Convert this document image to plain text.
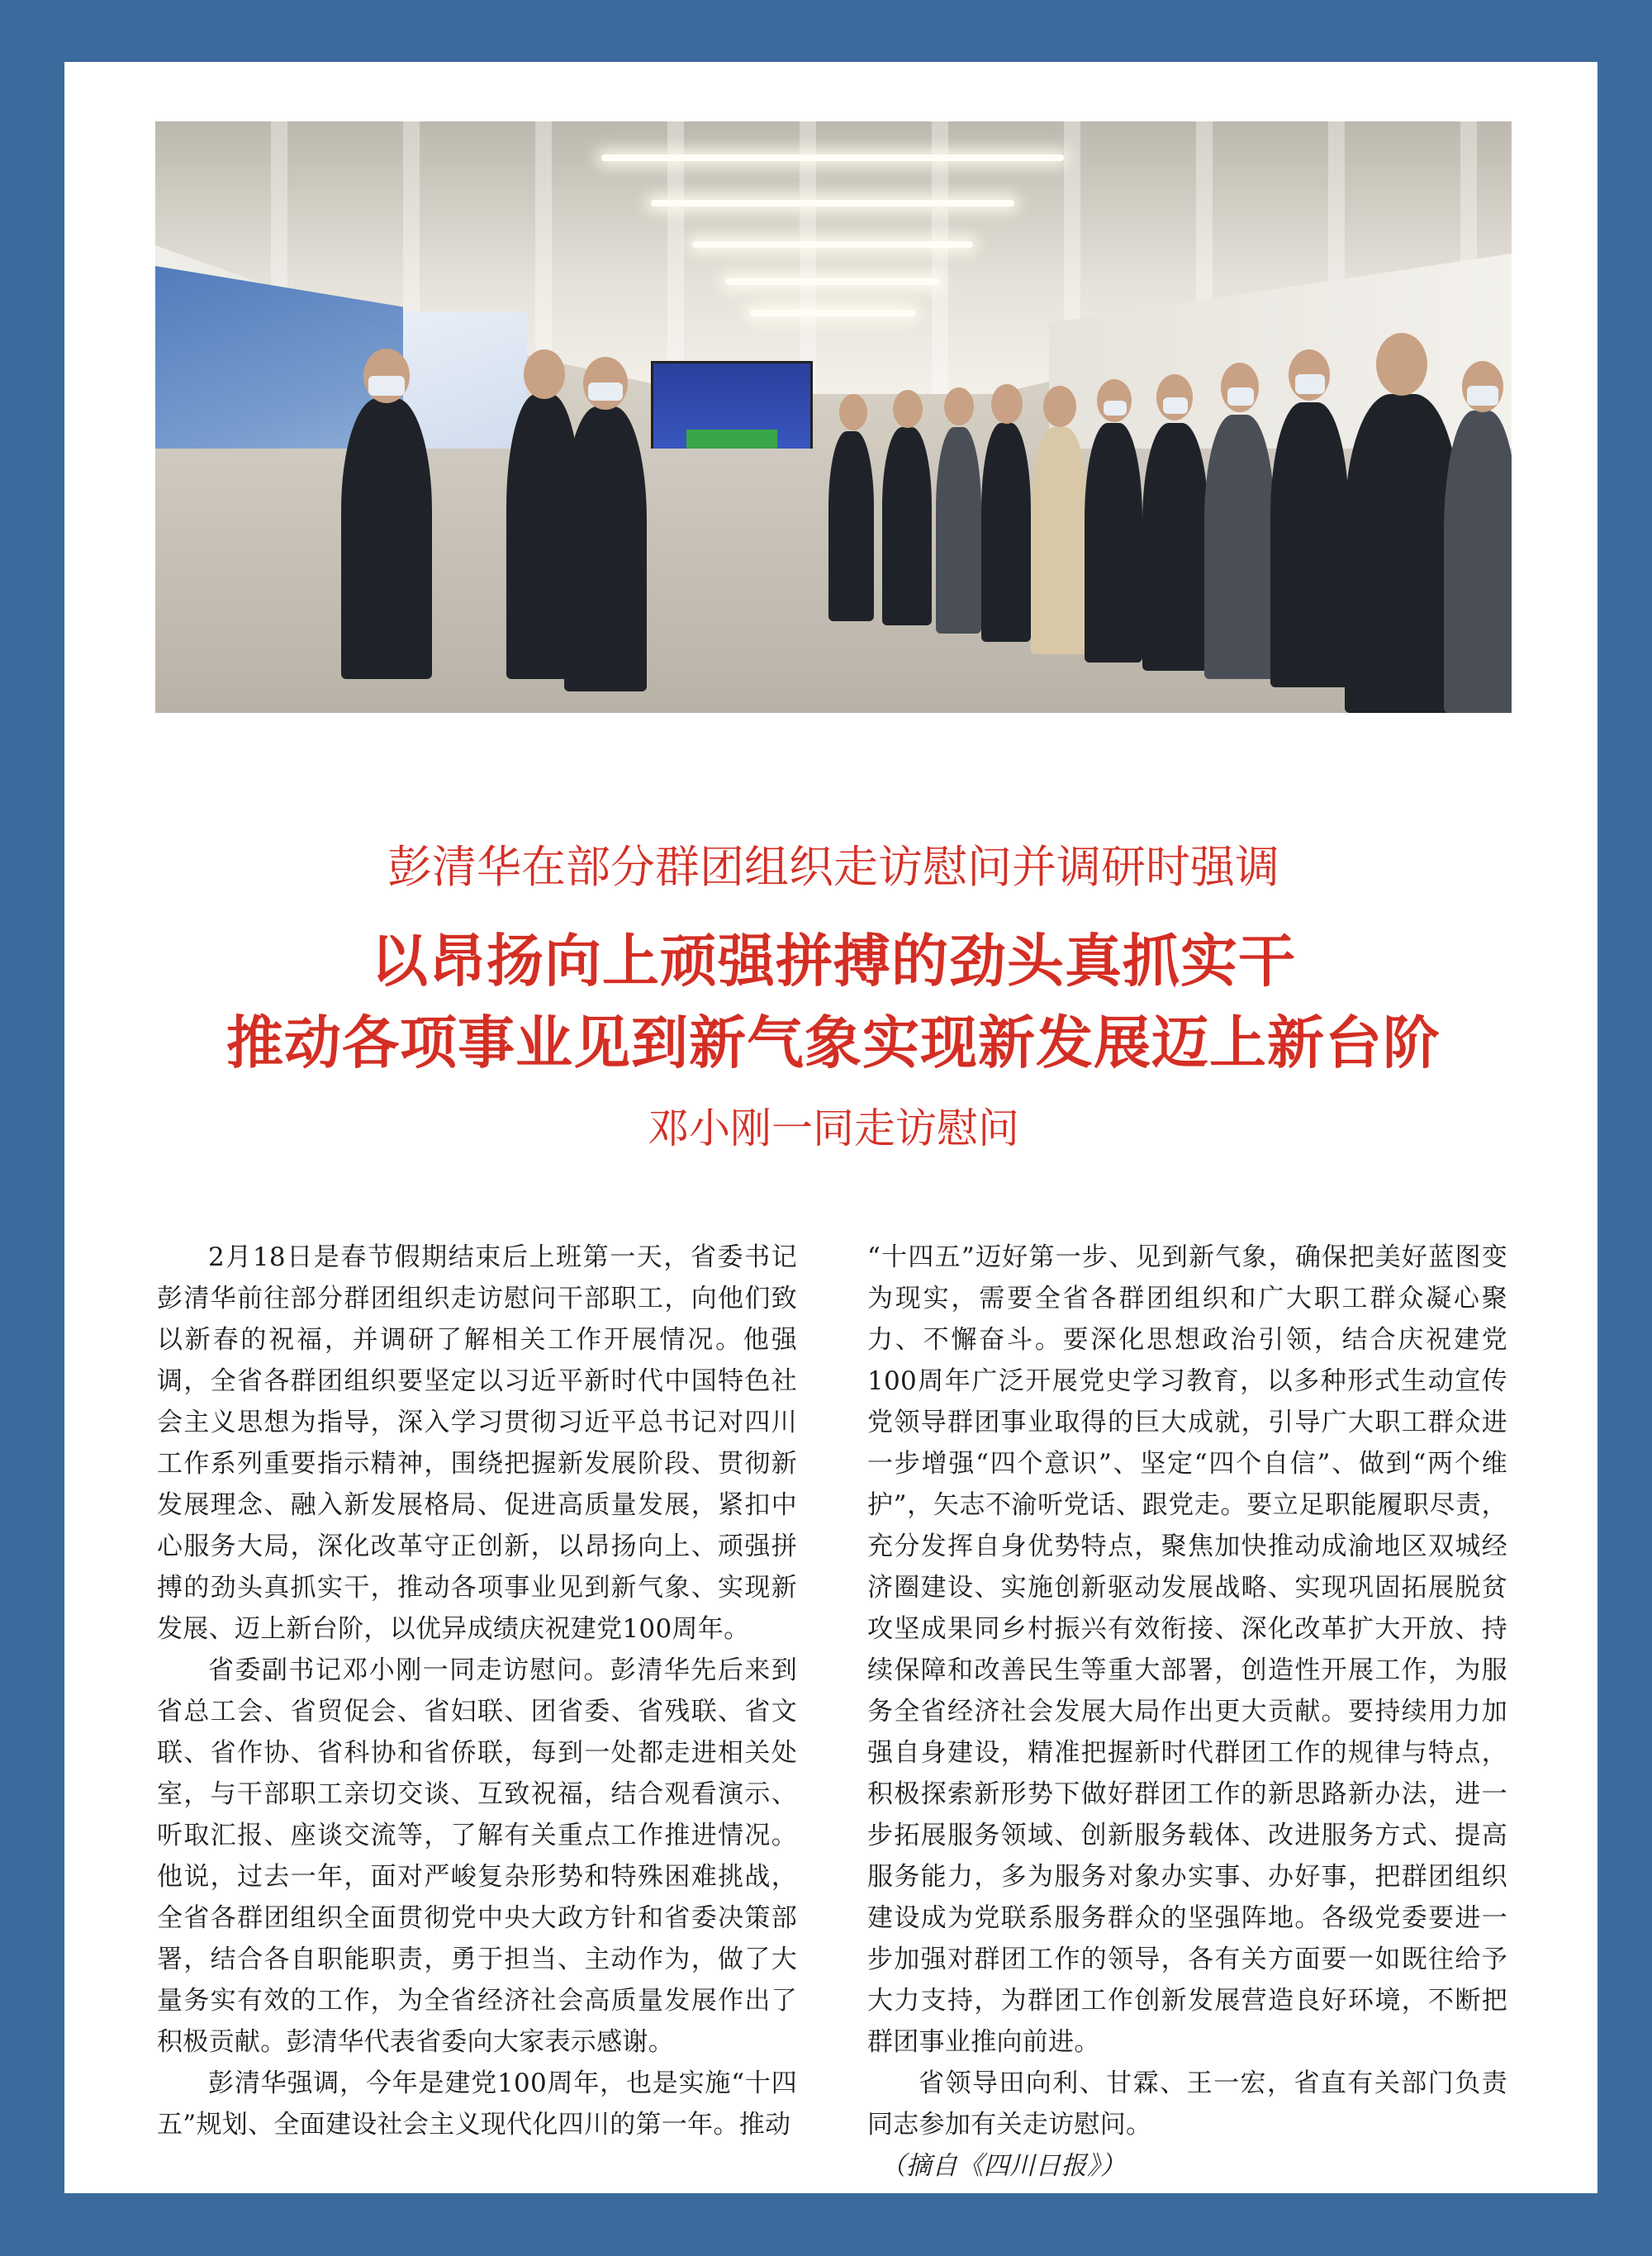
彭清华在部分群团组织走访慰问并调研时强调
以昂扬向上顽强拼搏的劲头真抓实干
推动各项事业见到新气象实现新发展迈上新台阶
邓小刚一同走访慰问

2月18日是春节假期结束后上班第一天，省委书记彭清华前往部分群团组织走访慰问干部职工，向他们致以新春的祝福，并调研了解相关工作开展情况。他强调，全省各群团组织要坚定以习近平新时代中国特色社会主义思想为指导，深入学习贯彻习近平总书记对四川工作系列重要指示精神，围绕把握新发展阶段、贯彻新发展理念、融入新发展格局、促进高质量发展，紧扣中心服务大局，深化改革守正创新，以昂扬向上、顽强拼搏的劲头真抓实干，推动各项事业见到新气象、实现新发展、迈上新台阶，以优异成绩庆祝建党100周年。

省委副书记邓小刚一同走访慰问。彭清华先后来到省总工会、省贸促会、省妇联、团省委、省残联、省文联、省作协、省科协和省侨联，每到一处都走进相关处室，与干部职工亲切交谈、互致祝福，结合观看演示、听取汇报、座谈交流等，了解有关重点工作推进情况。他说，过去一年，面对严峻复杂形势和特殊困难挑战，全省各群团组织全面贯彻党中央大政方针和省委决策部署，结合各自职能职责，勇于担当、主动作为，做了大量务实有效的工作，为全省经济社会高质量发展作出了积极贡献。彭清华代表省委向大家表示感谢。

彭清华强调，今年是建党100周年，也是实施“十四五”规划、全面建设社会主义现代化四川的第一年。推动

“十四五”迈好第一步、见到新气象，确保把美好蓝图变为现实，需要全省各群团组织和广大职工群众凝心聚力、不懈奋斗。要深化思想政治引领，结合庆祝建党100周年广泛开展党史学习教育，以多种形式生动宣传党领导群团事业取得的巨大成就，引导广大职工群众进一步增强“四个意识”、坚定“四个自信”、做到“两个维护”，矢志不渝听党话、跟党走。要立足职能履职尽责，充分发挥自身优势特点，聚焦加快推动成渝地区双城经济圈建设、实施创新驱动发展战略、实现巩固拓展脱贫攻坚成果同乡村振兴有效衔接、深化改革扩大开放、持续保障和改善民生等重大部署，创造性开展工作，为服务全省经济社会发展大局作出更大贡献。要持续用力加强自身建设，精准把握新时代群团工作的规律与特点，积极探索新形势下做好群团工作的新思路新办法，进一步拓展服务领域、创新服务载体、改进服务方式、提高服务能力，多为服务对象办实事、办好事，把群团组织建设成为党联系服务群众的坚强阵地。各级党委要进一步加强对群团工作的领导，各有关方面要一如既往给予大力支持，为群团工作创新发展营造良好环境，不断把群团事业推向前进。

省领导田向利、甘霖、王一宏，省直有关部门负责同志参加有关走访慰问。

（摘自《四川日报》）
